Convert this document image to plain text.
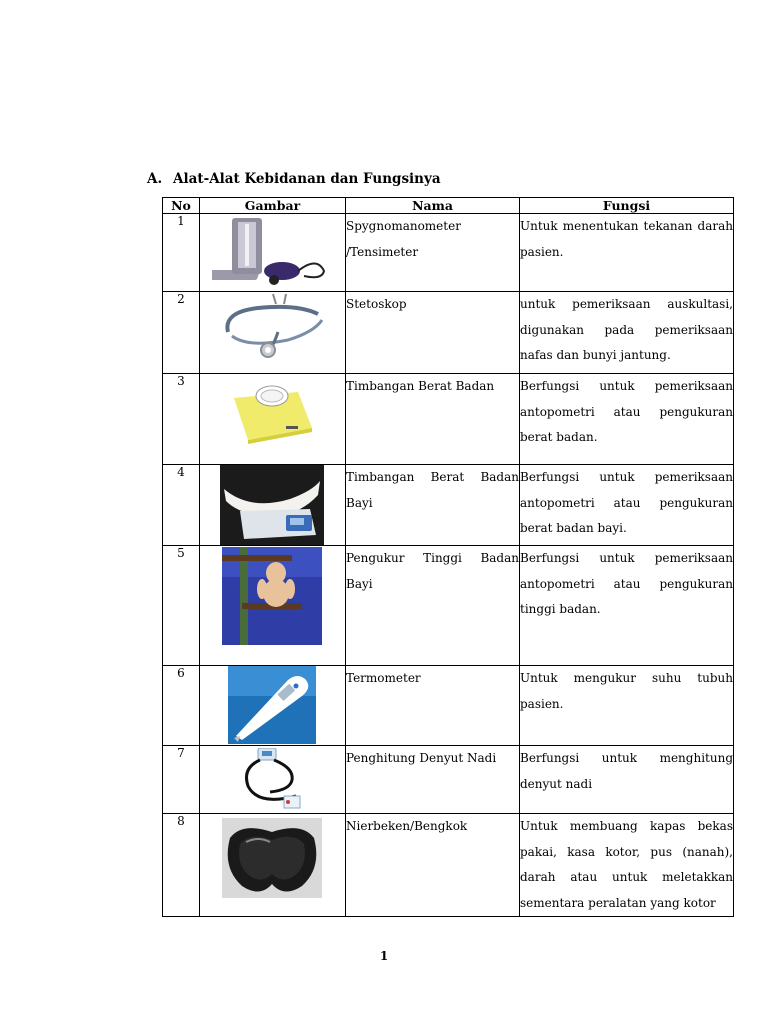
A. Alat-Alat Kebidanan dan Fungsinya
No	Gambar	Nama	Fungsi
1		Spygnomanometer /Tensimeter	Untuk menentukan tekanan darah pasien.
2		Stetoskop	untuk pemeriksaan auskultasi, digunakan pada pemeriksaan nafas dan bunyi jantung.
3		Timbangan Berat Badan	Berfungsi untuk pemeriksaan antopometri atau pengukuran berat badan.
4		Timbangan Berat Badan Bayi	Berfungsi untuk pemeriksaan antopometri atau pengukuran berat badan bayi.
5		Pengukur Tinggi Badan Bayi	Berfungsi untuk pemeriksaan antopometri atau pengukuran tinggi badan.
6		Termometer	Untuk mengukur suhu tubuh pasien.
7		Penghitung Denyut Nadi	Berfungsi untuk menghitung denyut nadi
8		Nierbeken/Bengkok	Untuk membuang kapas bekas pakai, kasa kotor, pus (nanah), darah atau untuk meletakkan sementara peralatan yang kotor
1
